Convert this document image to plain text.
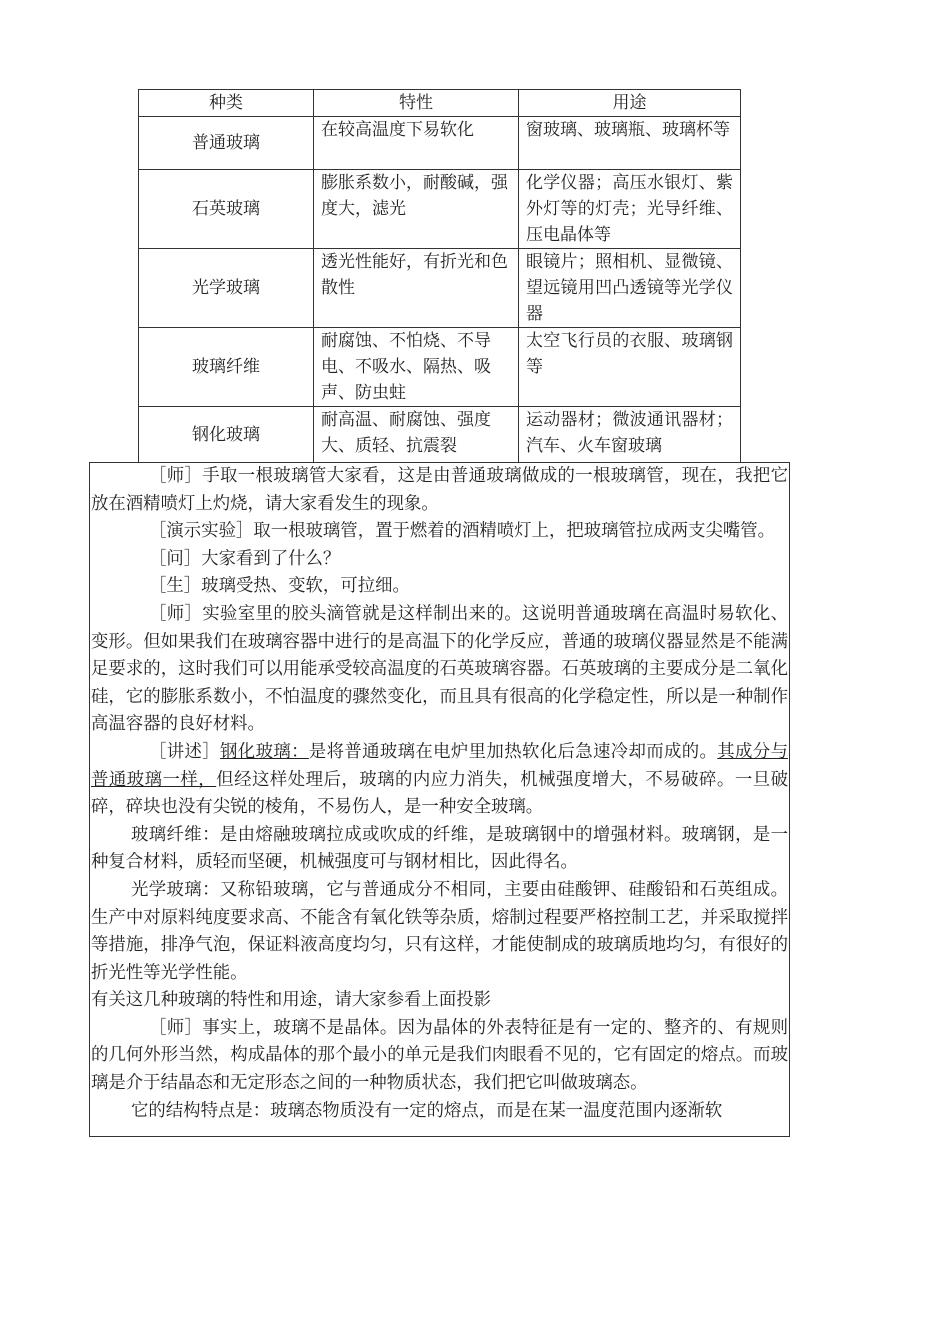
种类	特性	用途
普通玻璃	在较高温度下易软化	窗玻璃、玻璃瓶、玻璃杯等
石英玻璃	膨胀系数小，耐酸碱，强度大，滤光	化学仪器；高压水银灯、紫外灯等的灯壳；光导纤维、压电晶体等
光学玻璃	透光性能好，有折光和色散性	眼镜片；照相机、显微镜、望远镜用凹凸透镜等光学仪器
玻璃纤维	耐腐蚀、不怕烧、不导电、不吸水、隔热、吸声、防虫蛀	太空飞行员的衣服、玻璃钢等
钢化玻璃	耐高温、耐腐蚀、强度大、质轻、抗震裂	运动器材；微波通讯器材；汽车、火车窗玻璃

［师］手取一根玻璃管大家看，这是由普通玻璃做成的一根玻璃管，现在，我把它放在酒精喷灯上灼烧，请大家看发生的现象。

［演示实验］取一根玻璃管，置于燃着的酒精喷灯上，把玻璃管拉成两支尖嘴管。

［问］大家看到了什么？

［生］玻璃受热、变软，可拉细。

［师］实验室里的胶头滴管就是这样制出来的。这说明普通玻璃在高温时易软化、变形。但如果我们在玻璃容器中进行的是高温下的化学反应，普通的玻璃仪器显然是不能满足要求的，这时我们可以用能承受较高温度的石英玻璃容器。石英玻璃的主要成分是二氧化硅，它的膨胀系数小，不怕温度的骤然变化，而且具有很高的化学稳定性，所以是一种制作高温容器的良好材料。

［讲述］钢化玻璃：是将普通玻璃在电炉里加热软化后急速冷却而成的。其成分与普通玻璃一样，但经这样处理后，玻璃的内应力消失，机械强度增大，不易破碎。一旦破碎，碎块也没有尖锐的棱角，不易伤人，是一种安全玻璃。

玻璃纤维：是由熔融玻璃拉成或吹成的纤维，是玻璃钢中的增强材料。玻璃钢，是一种复合材料，质轻而坚硬，机械强度可与钢材相比，因此得名。

光学玻璃：又称铅玻璃，它与普通成分不相同，主要由硅酸钾、硅酸铅和石英组成。生产中对原料纯度要求高、不能含有氧化铁等杂质，熔制过程要严格控制工艺，并采取搅拌等措施，排净气泡，保证料液高度均匀，只有这样，才能使制成的玻璃质地均匀，有很好的折光性等光学性能。

有关这几种玻璃的特性和用途，请大家参看上面投影

［师］事实上，玻璃不是晶体。因为晶体的外表特征是有一定的、整齐的、有规则的几何外形当然，构成晶体的那个最小的单元是我们肉眼看不见的，它有固定的熔点。而玻璃是介于结晶态和无定形态之间的一种物质状态，我们把它叫做玻璃态。

它的结构特点是：玻璃态物质没有一定的熔点，而是在某一温度范围内逐渐软
